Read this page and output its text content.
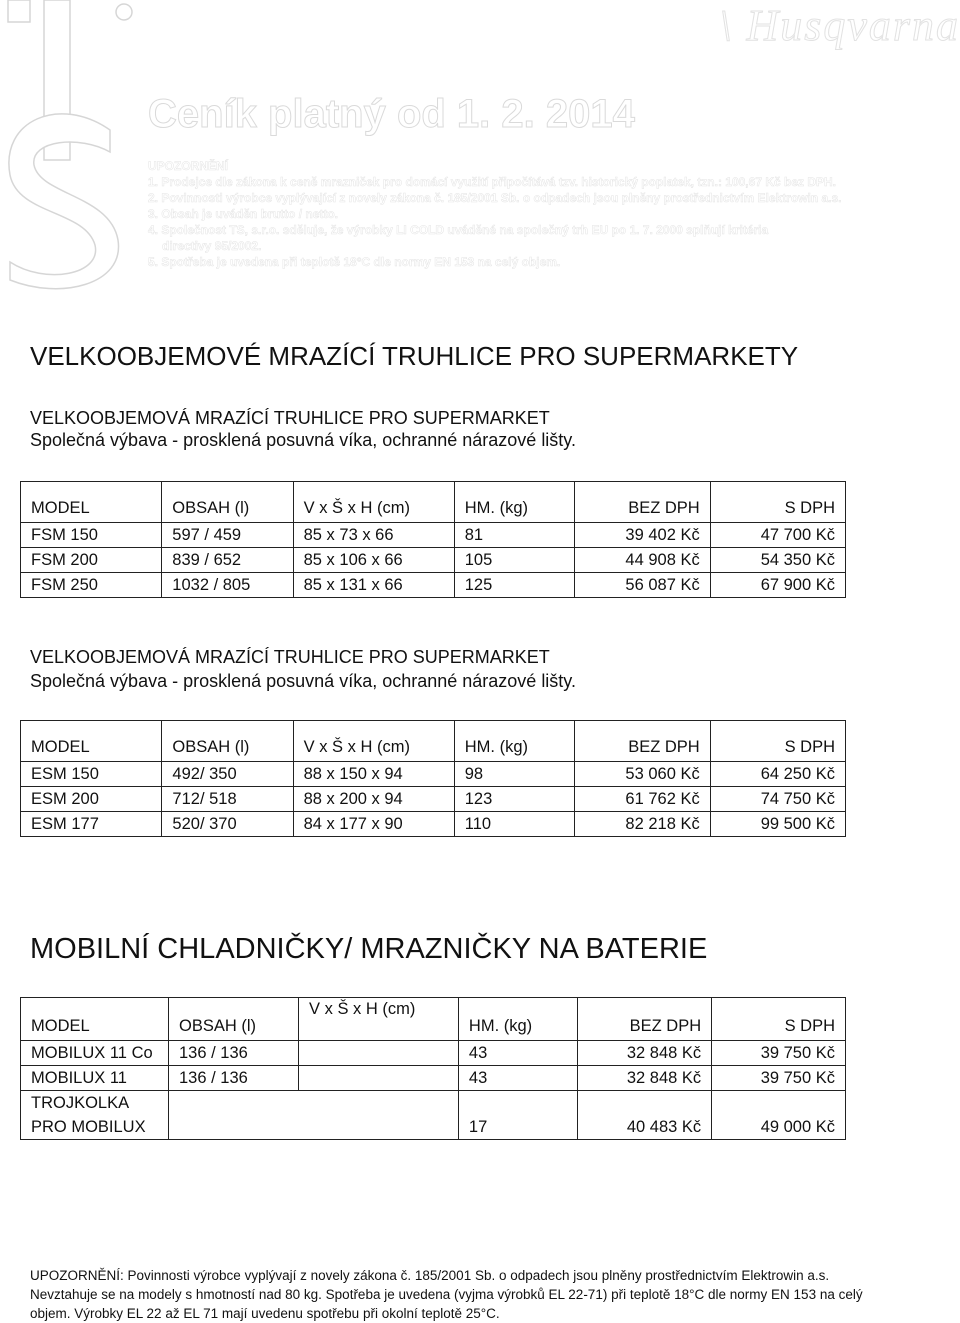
\ Husqvarna
Ceník platný od 1. 2. 2014
UPOZORNĚNÍ
1. Prodejce dle zákona k ceně mrazniček pro domácí využití připočítává tzv. historický poplatek, tzn.: 100,67 Kč bez DPH.
2. Povinnosti výrobce vyplývající z novely zákona č. 185/2001 Sb. o odpadech jsou plněny prostřednictvím Elektrowin a.s.
3. Obsah je uváděn brutto / netto.
4. Společnost TS, s.r.o. sděluje, že výrobky LI COLD uváděné na společný trh EU po 1. 7. 2000 splňují kritéria
directivy 95/2002.
5. Spotřeba je uvedena při teplotě 18°C dle normy EN 153 na celý objem.
VELKOOBJEMOVÉ MRAZÍCÍ TRUHLICE PRO SUPERMARKETY
VELKOOBJEMOVÁ MRAZÍCÍ TRUHLICE PRO SUPERMARKET
Společná výbava - prosklená posuvná víka, ochranné nárazové lišty.
MODEL	OBSAH (l)	V x Š x H (cm)	HM. (kg)	BEZ DPH	S DPH
FSM 150	597 / 459	85 x 73 x 66	81	39 402 Kč	47 700 Kč
FSM 200	839 / 652	85 x 106 x 66	105	44 908 Kč	54 350 Kč
FSM 250	1032 / 805	85 x 131 x 66	125	56 087 Kč	67 900 Kč
VELKOOBJEMOVÁ MRAZÍCÍ TRUHLICE PRO SUPERMARKET
Společná výbava - prosklená posuvná víka, ochranné nárazové lišty.
MODEL	OBSAH (l)	V x Š x H (cm)	HM. (kg)	BEZ DPH	S DPH
ESM 150	492/ 350	88 x 150 x 94	98	53 060 Kč	64 250 Kč
ESM 200	712/ 518	88 x 200 x 94	123	61 762 Kč	74 750 Kč
ESM 177	520/ 370	84 x 177 x 90	110	82 218 Kč	99 500 Kč
MOBILNÍ CHLADNIČKY/ MRAZNIČKY NA BATERIE
MODEL	OBSAH (l)	V x Š x H (cm)	HM. (kg)	BEZ DPH	S DPH
MOBILUX 11 Co	136 / 136		43	32 848 Kč	39 750 Kč
MOBILUX 11	136 / 136		43	32 848 Kč	39 750 Kč

TROJKOLKA
PRO MOBILUX			17	40 483 Kč	49 000 Kč
UPOZORNĚNÍ: Povinnosti výrobce vyplývají z novely zákona č. 185/2001 Sb. o odpadech jsou plněny prostřednictvím Elektrowin a.s.
Nevztahuje se na modely s hmotností nad 80 kg. Spotřeba je uvedena (vyjma výrobků EL 22-71) při teplotě 18°C dle normy EN 153 na celý
objem. Výrobky EL 22 až EL 71 mají uvedenu spotřebu při okolní teplotě 25°C.
